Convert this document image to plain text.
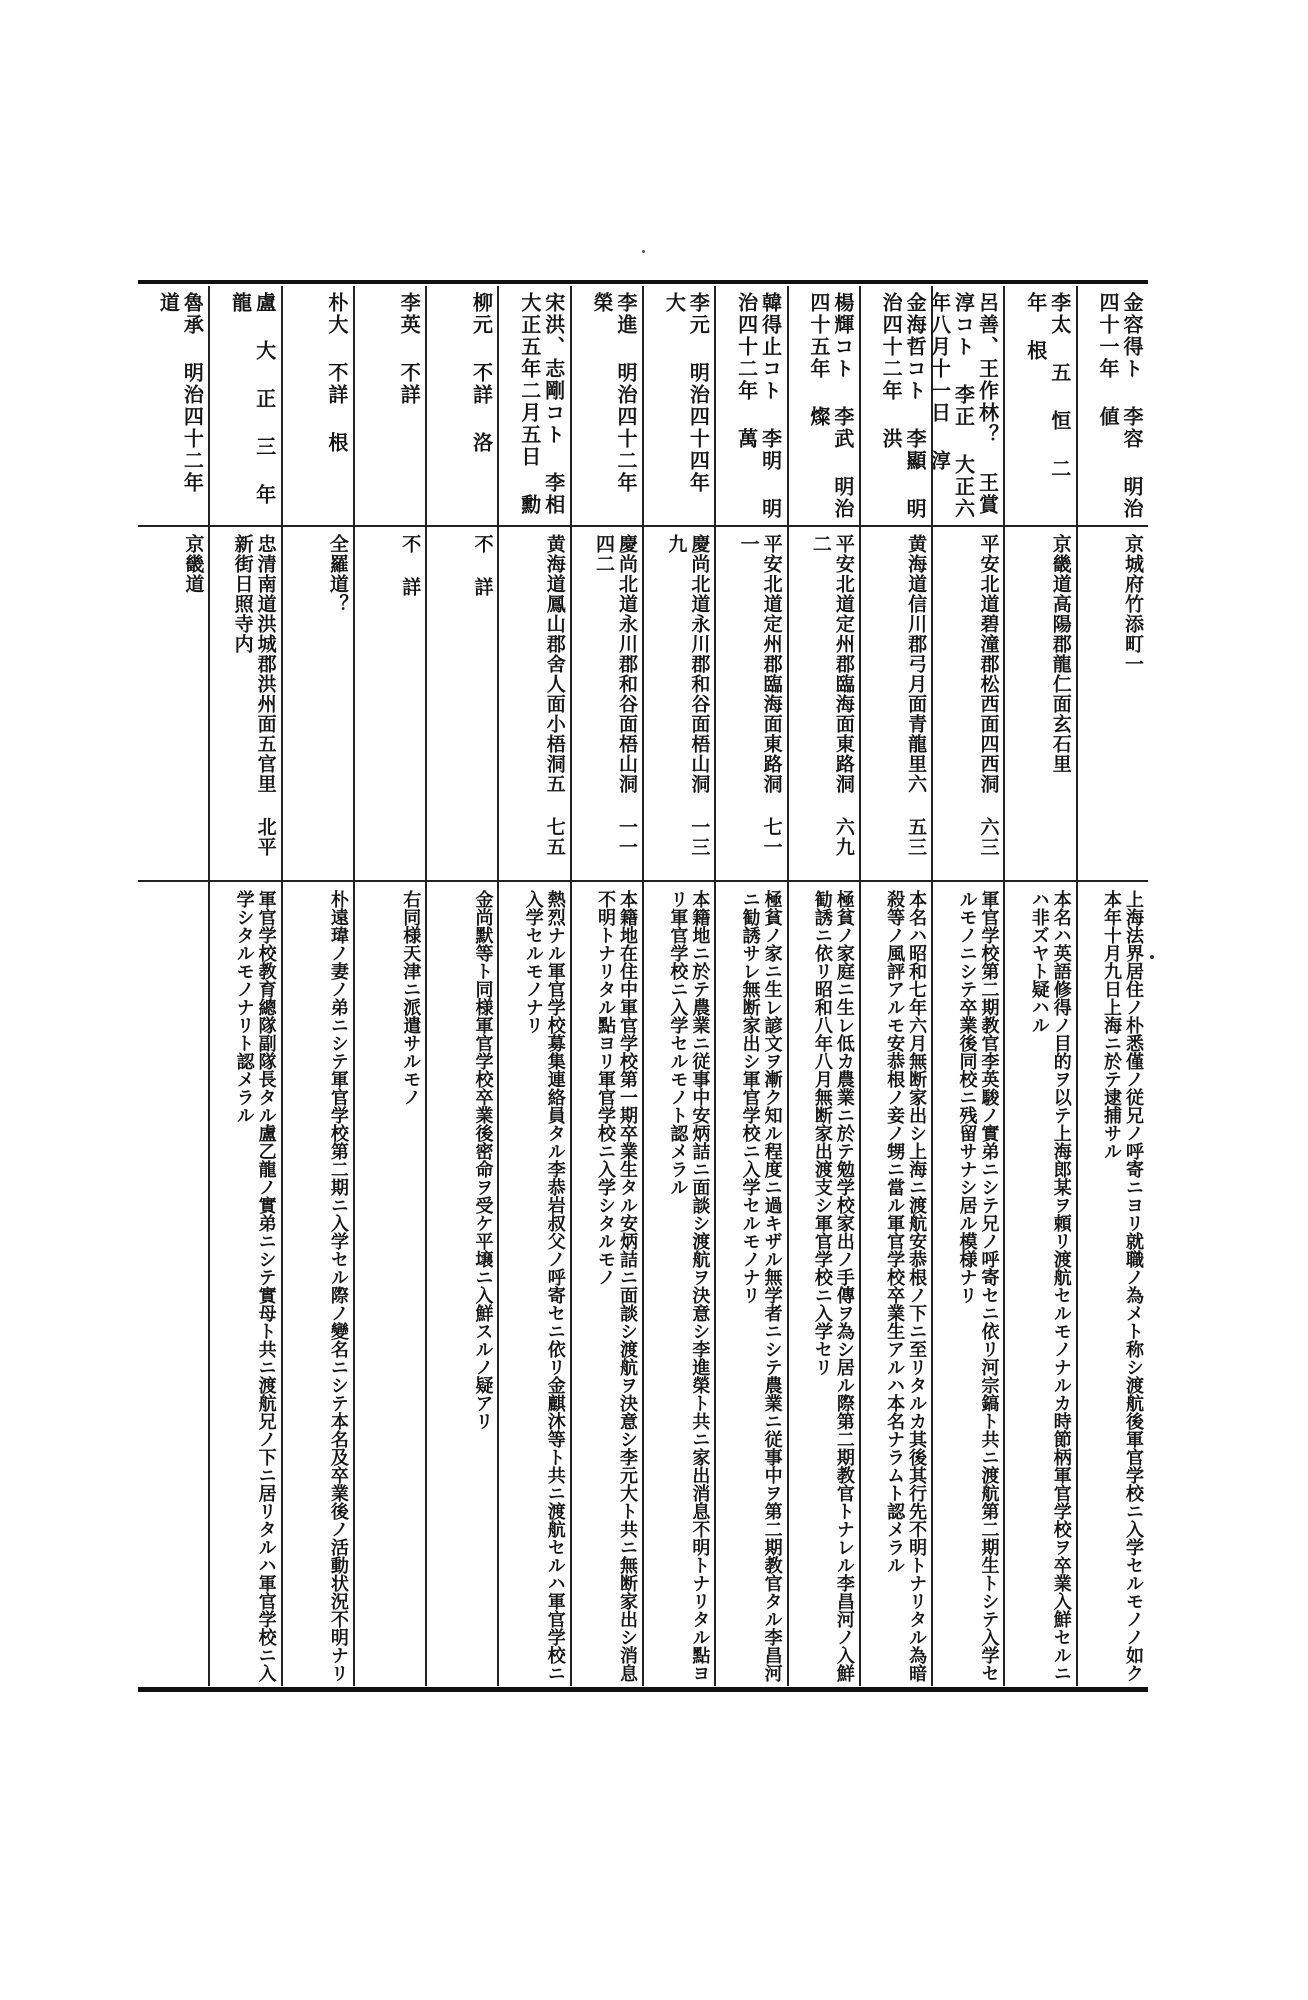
金容得ト 李容 明治四十一年 値
京城府竹添町一
上海法界居住ノ朴悉僅ノ従兄ノ呼寄ニヨリ就職ノ為メト称シ渡航後軍官学校ニ入学セルモノノ如ク本年十月九日上海ニ於テ逮捕サル
李太 五 恒 二 年 根
京畿道高陽郡龍仁面玄石里
本名ハ英語修得ノ目的ヲ以テ上海郎某ヲ頼リ渡航セルモノナルカ時節柄軍官学校ヲ卒業入鮮セルニハ非ズヤト疑ハル
呂善、王作林？ 王賞淳コト 李正 大正六年八月十一日 淳
平安北道碧潼郡松西面四西洞 六三
軍官学校第二期教官李英駿ノ實弟ニシテ兄ノ呼寄セニ依リ河宗鎬ト共ニ渡航第二期生トシテ入学セルモノニシテ卒業後同校ニ残留サナシ居ル模様ナリ
金海哲コト 李顯 明治四十二年 洪
黄海道信川郡弓月面青龍里六 五三
本名ハ昭和七年六月無断家出シ上海ニ渡航安恭根ノ下ニ至リタルカ其後其行先不明トナリタル為暗殺等ノ風評アルモ安恭根ノ妾ノ甥ニ當ル軍官学校卒業生アルハ本名ナラムト認メラル
楊輝コト 李武 明治四十五年 燦
平安北道定州郡臨海面東路洞 六九二
極貧ノ家庭ニ生レ低カ農業ニ於テ勉学校家出ノ手傳ヲ為シ居ル際第二期教官トナレル李昌河ノ入鮮勧誘ニ依リ昭和八年八月無断家出渡支シ軍官学校ニ入学セリ
韓得止コト 李明 明治四十二年 萬
平安北道定州郡臨海面東路洞 七一一
極貧ノ家ニ生レ諺文ヲ漸ク知ル程度ニ過キザル無学者ニシテ農業ニ従事中ヲ第二期教官タル李昌河ニ勧誘サレ無断家出シ軍官学校ニ入学セルモノナリ
李元 明治四十四年 大
慶尚北道永川郡和谷面梧山洞 一三九
本籍地ニ於テ農業ニ従事中安炳詰ニ面談シ渡航ヲ決意シ李進榮ト共ニ家出消息不明トナリタル點ヨリ軍官学校ニ入学セルモノト認メラル
李進 明治四十二年 榮
慶尚北道永川郡和谷面梧山洞 一一四二
本籍地在住中軍官学校第一期卒業生タル安炳詰ニ面談シ渡航ヲ決意シ李元大ト共ニ無断家出シ消息不明トナリタル點ヨリ軍官学校ニ入学シタルモノ
宋洪、志剛コト 李相 大正五年二月五日 勳
黄海道鳳山郡舍人面小梧洞五 七五
熱烈ナル軍官学校募集連絡員タル李恭岩叔父ノ呼寄セニ依リ金麒沐等ト共ニ渡航セルハ軍官学校ニ入学セルモノナリ
柳元 不詳 洛
不 詳
金尚默等ト同様軍官学校卒業後密命ヲ受ケ平壌ニ入鮮スルノ疑アリ
李英 不詳
不 詳
右同様天津ニ派遣サルモノ
朴大 不詳 根
全羅道？
朴遠瑋ノ妻ノ弟ニシテ軍官学校第二期ニ入学セル際ノ變名ニシテ本名及卒業後ノ活動状況不明ナリ
盧 大 正 三 年 龍
忠清南道洪城郡洪州面五官里 北平新街日照寺内
軍官学校教育總隊副隊長タル盧乙龍ノ實弟ニシテ實母ト共ニ渡航兄ノ下ニ居リタルハ軍官学校ニ入学シタルモノナリト認メラル
魯承 明治四十二年 道
京畿道
